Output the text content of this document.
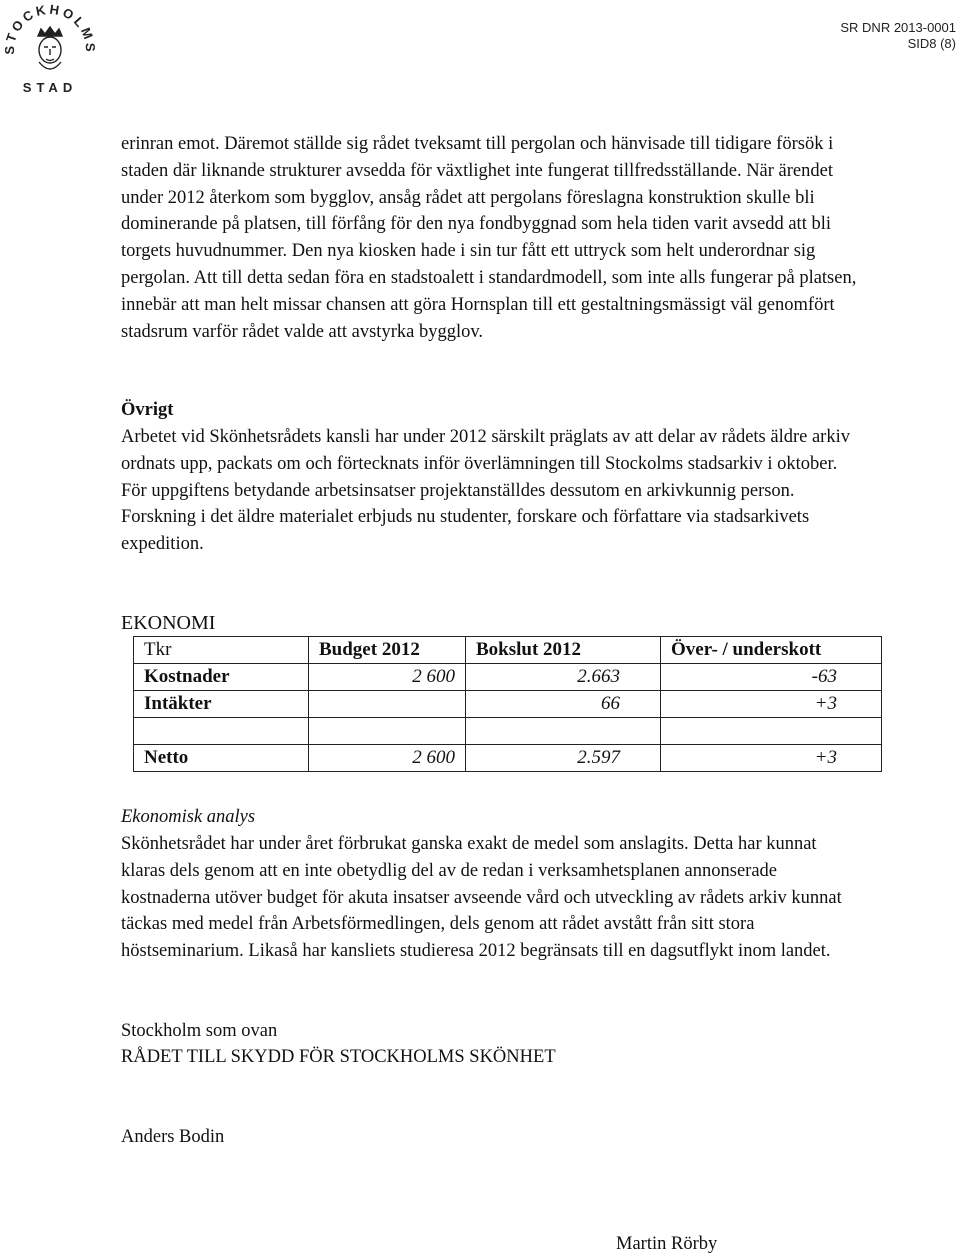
STOCKHOLMS
STAD
SR DNR 2013-0001
SID8 (8)

erinran emot. Däremot ställde sig rådet tveksamt till pergolan och hänvisade till tidigare försök i staden där liknande strukturer avsedda för växtlighet inte fungerat tillfredsställande. När ärendet under 2012 återkom som bygglov, ansåg rådet att pergolans föreslagna konstruktion skulle bli dominerande på platsen, till förfång för den nya fondbyggnad som hela tiden varit avsedd att bli torgets huvudnummer. Den nya kiosken hade i sin tur fått ett uttryck som helt underordnar sig pergolan. Att till detta sedan föra en stadstoalett i standardmodell, som inte alls fungerar på platsen, innebär att man helt missar chansen att göra Hornsplan till ett gestaltningsmässigt väl genomfört stadsrum varför rådet valde att avstyrka bygglov.

Övrigt

Arbetet vid Skönhetsrådets kansli har under 2012 särskilt präglats av att delar av rådets äldre arkiv ordnats upp, packats om och förtecknats inför överlämningen till Stockolms stadsarkiv i oktober. För uppgiftens betydande arbetsinsatser projektanställdes dessutom en arkivkunnig person. Forskning i det äldre materialet erbjuds nu studenter, forskare och författare via stadsarkivets expedition.

EKONOMI

Tkr	Budget 2012	Bokslut 2012	Över- / underskott
Kostnader	2 600	2.663	-63
Intäkter		66	+3

Netto	2 600	2.597	+3

Ekonomisk analys

Skönhetsrådet har under året förbrukat ganska exakt de medel som anslagits. Detta har kunnat klaras dels genom att en inte obetydlig del av de redan i verksamhetsplanen annonserade kostnaderna utöver budget för akuta insatser avseende vård och utveckling av rådets arkiv kunnat täckas med medel från Arbetsförmedlingen, dels genom att rådet avstått från sitt stora höstseminarium. Likaså har kansliets studieresa 2012 begränsats till en dagsutflykt inom landet.

Stockholm som ovan

RÅDET TILL SKYDD FÖR STOCKHOLMS SKÖNHET

Anders Bodin

Martin Rörby
